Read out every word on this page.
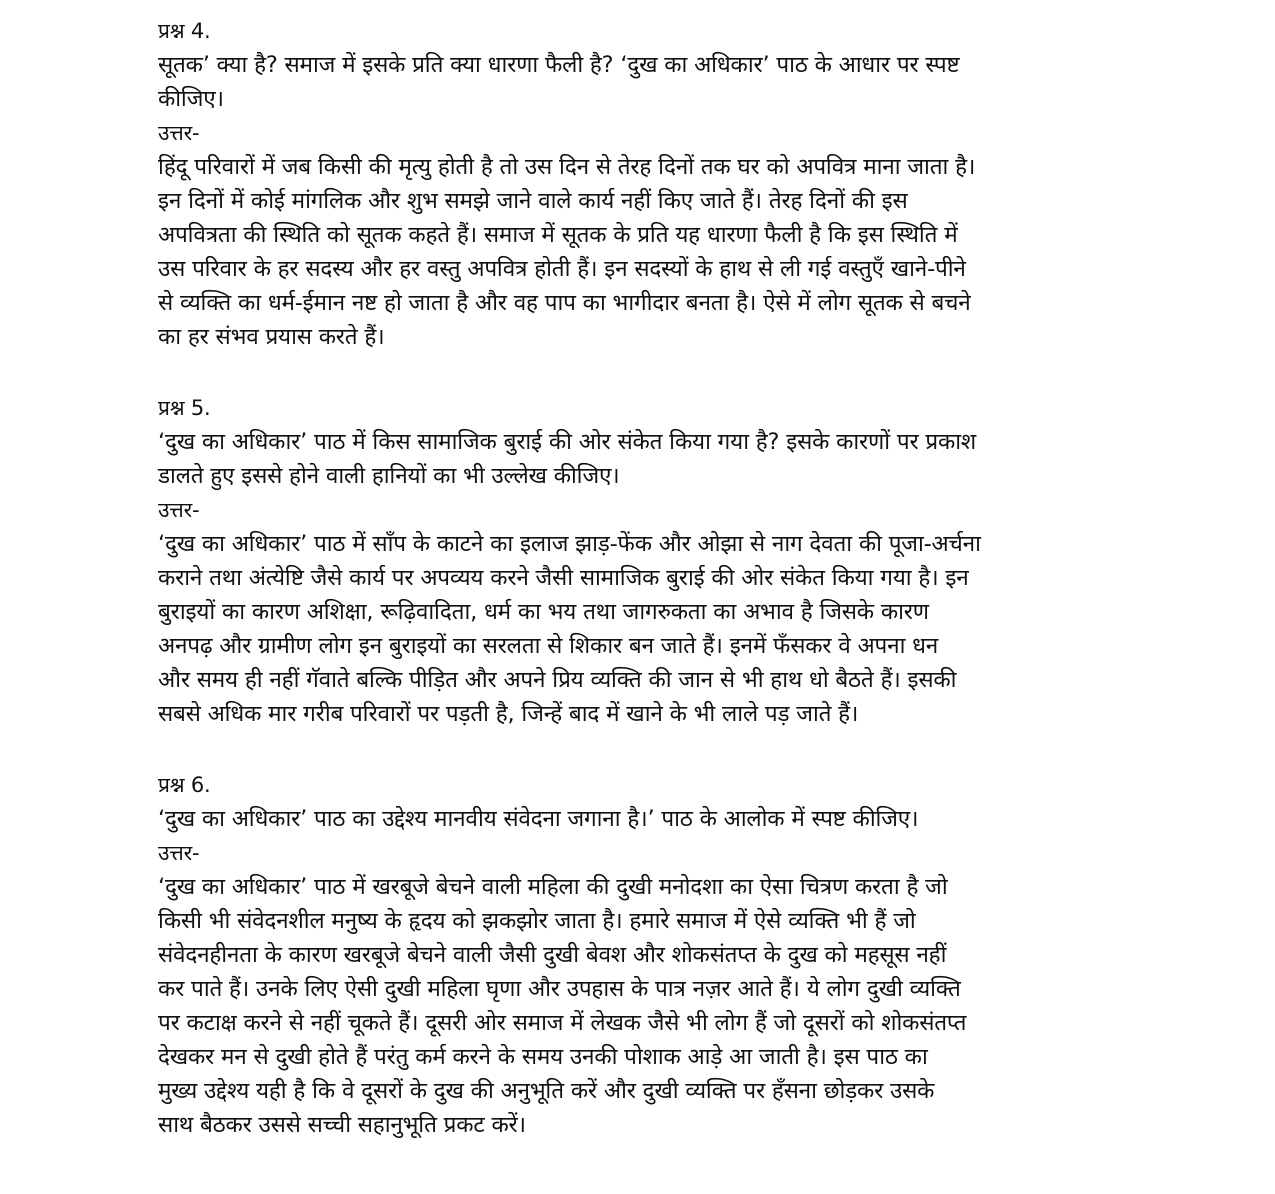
प्रश्न 4.

सूतक’ क्या है? समाज में इसके प्रति क्या धारणा फैली है? ‘दुख का अधिकार’ पाठ के आधार पर स्पष्ट
कीजिए।

उत्तर-

हिंदू परिवारों में जब किसी की मृत्यु होती है तो उस दिन से तेरह दिनों तक घर को अपवित्र माना जाता है।
इन दिनों में कोई मांगलिक और शुभ समझे जाने वाले कार्य नहीं किए जाते हैं। तेरह दिनों की इस
अपवित्रता की स्थिति को सूतक कहते हैं। समाज में सूतक के प्रति यह धारणा फैली है कि इस स्थिति में
उस परिवार के हर सदस्य और हर वस्तु अपवित्र होती हैं। इन सदस्यों के हाथ से ली गई वस्तुएँ खाने-पीने
से व्यक्ति का धर्म-ईमान नष्ट हो जाता है और वह पाप का भागीदार बनता है। ऐसे में लोग सूतक से बचने
का हर संभव प्रयास करते हैं।

प्रश्न 5.

‘दुख का अधिकार’ पाठ में किस सामाजिक बुराई की ओर संकेत किया गया है? इसके कारणों पर प्रकाश
डालते हुए इससे होने वाली हानियों का भी उल्लेख कीजिए।

उत्तर-

‘दुख का अधिकार’ पाठ में साँप के काटने का इलाज झाड़-फेंक और ओझा से नाग देवता की पूजा-अर्चना
कराने तथा अंत्येष्टि जैसे कार्य पर अपव्यय करने जैसी सामाजिक बुराई की ओर संकेत किया गया है। इन
बुराइयों का कारण अशिक्षा, रूढ़िवादिता, धर्म का भय तथा जागरुकता का अभाव है जिसके कारण
अनपढ़ और ग्रामीण लोग इन बुराइयों का सरलता से शिकार बन जाते हैं। इनमें फँसकर वे अपना धन
और समय ही नहीं गॅवाते बल्कि पीड़ित और अपने प्रिय व्यक्ति की जान से भी हाथ धो बैठते हैं। इसकी
सबसे अधिक मार गरीब परिवारों पर पड़ती है, जिन्हें बाद में खाने के भी लाले पड़ जाते हैं।

प्रश्न 6.

‘दुख का अधिकार’ पाठ का उद्देश्य मानवीय संवेदना जगाना है।’ पाठ के आलोक में स्पष्ट कीजिए।

उत्तर-

‘दुख का अधिकार’ पाठ में खरबूजे बेचने वाली महिला की दुखी मनोदशा का ऐसा चित्रण करता है जो
किसी भी संवेदनशील मनुष्य के हृदय को झकझोर जाता है। हमारे समाज में ऐसे व्यक्ति भी हैं जो
संवेदनहीनता के कारण खरबूजे बेचने वाली जैसी दुखी बेवश और शोकसंतप्त के दुख को महसूस नहीं
कर पाते हैं। उनके लिए ऐसी दुखी महिला घृणा और उपहास के पात्र नज़र आते हैं। ये लोग दुखी व्यक्ति
पर कटाक्ष करने से नहीं चूकते हैं। दूसरी ओर समाज में लेखक जैसे भी लोग हैं जो दूसरों को शोकसंतप्त
देखकर मन से दुखी होते हैं परंतु कर्म करने के समय उनकी पोशाक आड़े आ जाती है। इस पाठ का
मुख्य उद्देश्य यही है कि वे दूसरों के दुख की अनुभूति करें और दुखी व्यक्ति पर हँसना छोड़कर उसके
साथ बैठकर उससे सच्ची सहानुभूति प्रकट करें।
